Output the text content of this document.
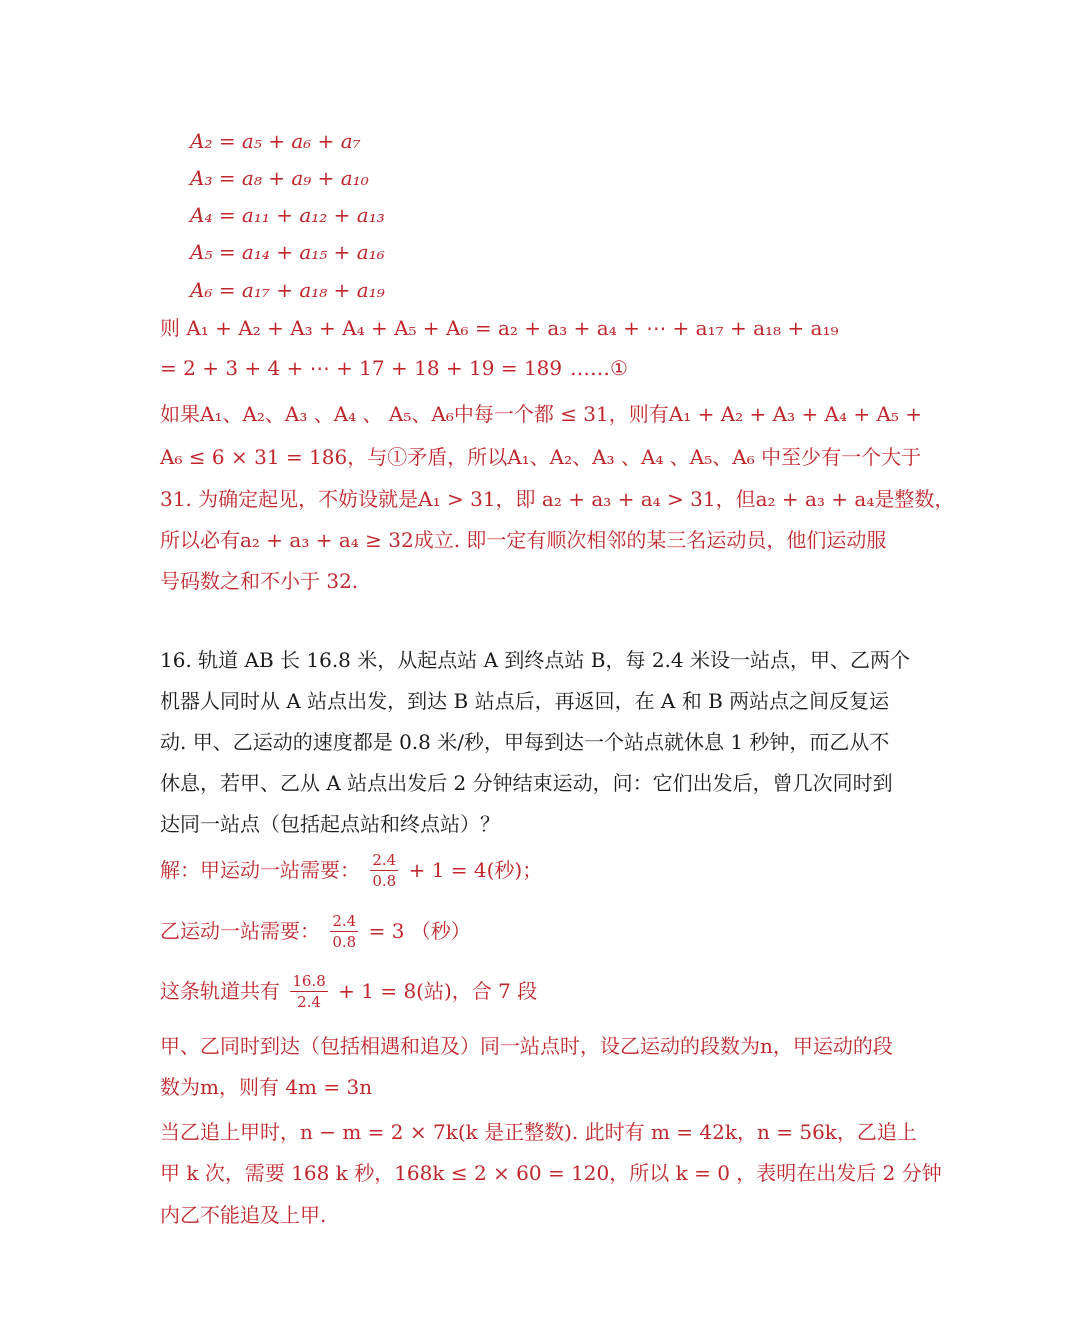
A₂ = a₅ + a₆ + a₇
A₃ = a₈ + a₉ + a₁₀
A₄ = a₁₁ + a₁₂ + a₁₃
A₅ = a₁₄ + a₁₅ + a₁₆
A₆ = a₁₇ + a₁₈ + a₁₉
则 A₁ + A₂ + A₃ + A₄ + A₅ + A₆ = a₂ + a₃ + a₄ + ⋯ + a₁₇ + a₁₈ + a₁₉
= 2 + 3 + 4 + ⋯ + 17 + 18 + 19 = 189 ……①
如果A₁、A₂、A₃ 、A₄ 、 A₅、A₆中每一个都 ≤ 31，则有A₁ + A₂ + A₃ + A₄ + A₅ +
A₆ ≤ 6 × 31 = 186，与①矛盾，所以A₁、A₂、A₃ 、A₄ 、A₅、A₆ 中至少有一个大于
31. 为确定起见，不妨设就是A₁ > 31，即 a₂ + a₃ + a₄ > 31，但a₂ + a₃ + a₄是整数，
所以必有a₂ + a₃ + a₄ ≥ 32成立. 即一定有顺次相邻的某三名运动员，他们运动服
号码数之和不小于 32.
16. 轨道 AB 长 16.8 米，从起点站 A 到终点站 B，每 2.4 米设一站点，甲、乙两个
机器人同时从 A 站点出发，到达 B 站点后，再返回，在 A 和 B 两站点之间反复运
动. 甲、乙运动的速度都是 0.8 米/秒，甲每到达一个站点就休息 1 秒钟，而乙从不
休息，若甲、乙从 A 站点出发后 2 分钟结束运动，问：它们出发后，曾几次同时到
达同一站点（包括起点站和终点站）？
解：甲运动一站需要： $\frac{2.4}{0.8} + 1 = 4$(秒)；
乙运动一站需要： $\frac{2.4}{0.8} = 3$ （秒）
这条轨道共有 $\frac{16.8}{2.4} + 1 = 8$(站)，合 7 段
甲、乙同时到达（包括相遇和追及）同一站点时，设乙运动的段数为n，甲运动的段
数为m，则有 4m = 3n
当乙追上甲时，n − m = 2 × 7k(k 是正整数). 此时有 m = 42k，n = 56k，乙追上
甲 k 次，需要 168 k 秒，168k ≤ 2 × 60 = 120，所以 k = 0 ，表明在出发后 2 分钟
内乙不能追及上甲.
